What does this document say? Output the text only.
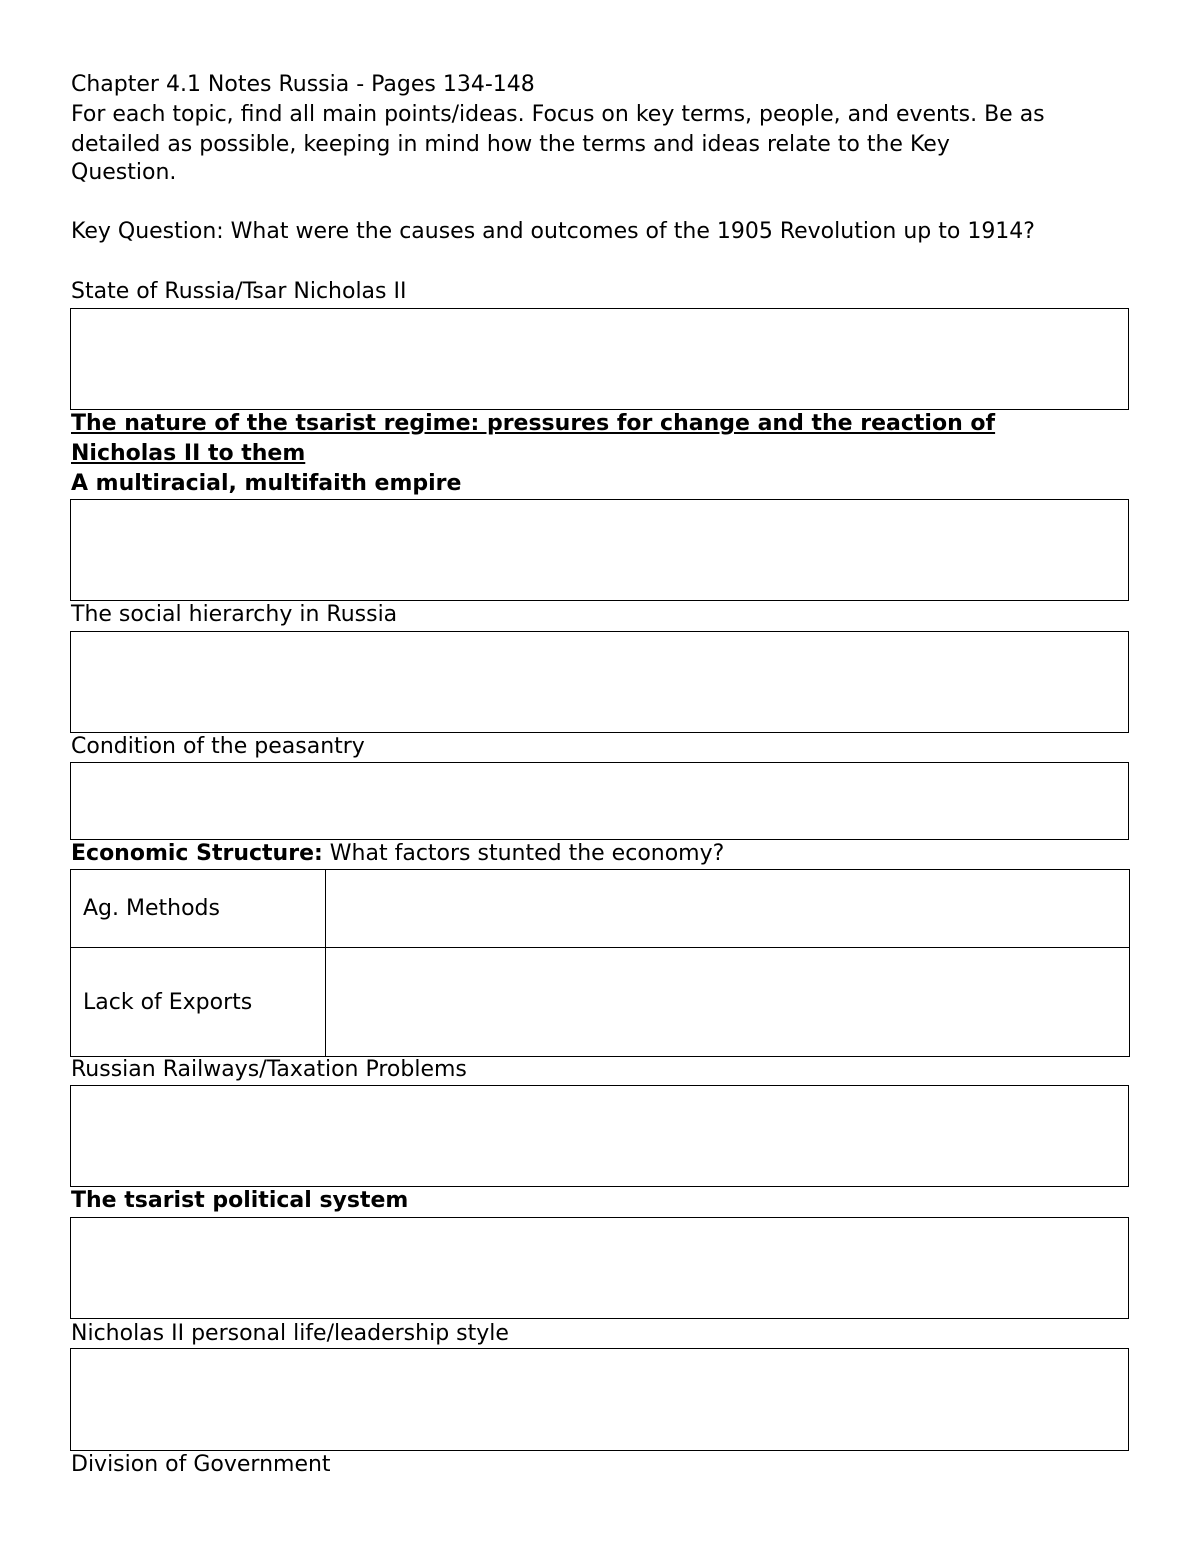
Chapter 4.1 Notes Russia - Pages 134-148
For each topic, find all main points/ideas. Focus on key terms, people, and events. Be as
detailed as possible, keeping in mind how the terms and ideas relate to the Key
Question.
Key Question: What were the causes and outcomes of the 1905 Revolution up to 1914?
State of Russia/Tsar Nicholas II
The nature of the tsarist regime: pressures for change and the reaction of
Nicholas II to them
A multiracial, multifaith empire
The social hierarchy in Russia
Condition of the peasantry
Economic Structure: What factors stunted the economy?
Ag. Methods	
Lack of Exports	
Russian Railways/Taxation Problems
The tsarist political system
Nicholas II personal life/leadership style
Division of Government
